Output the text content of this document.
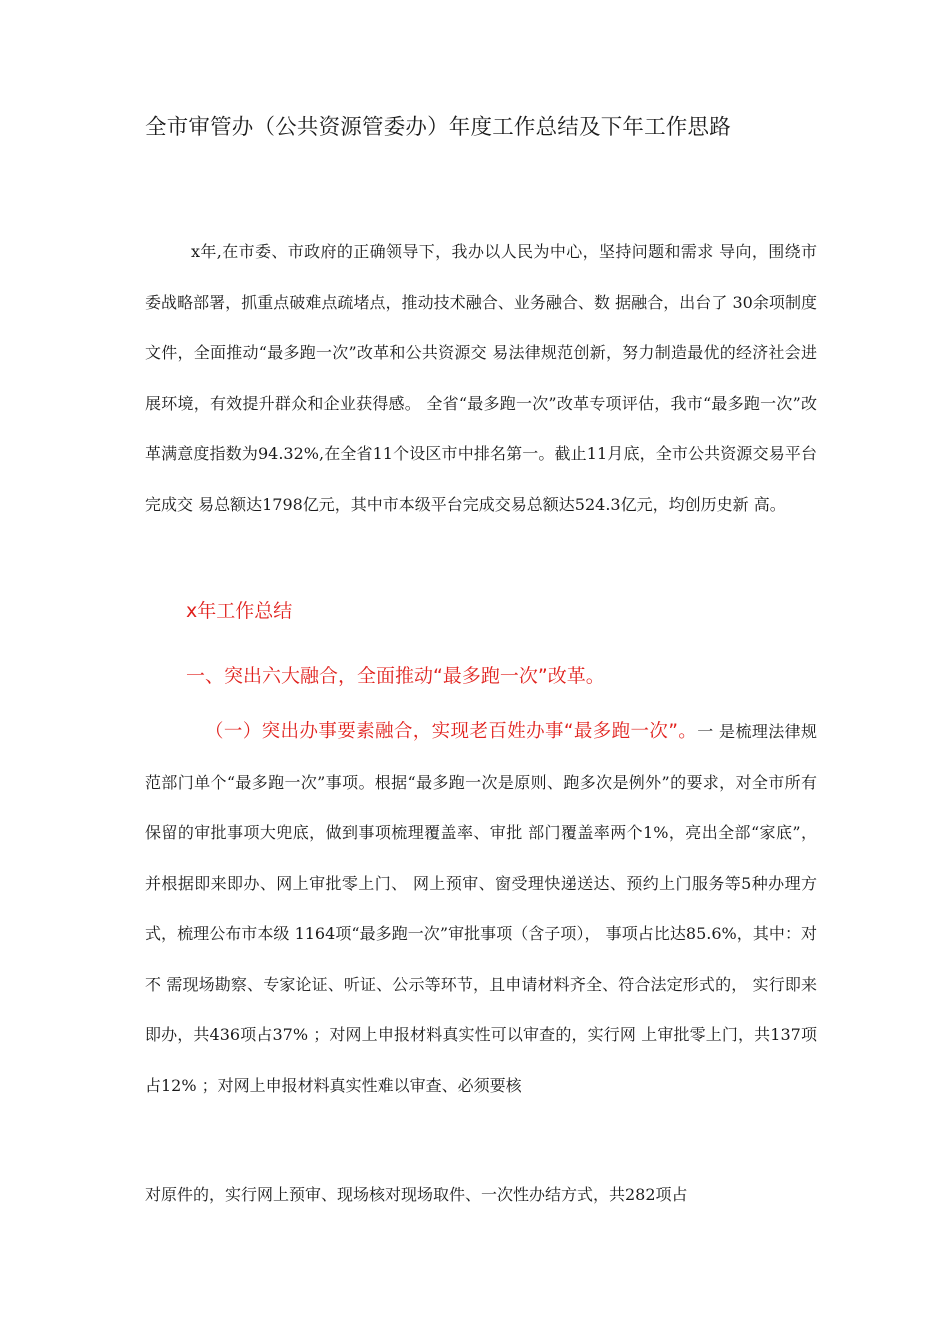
全市审管办（公共资源管委办）年度工作总结及下年工作思路

x年,在市委、市政府的正确领导下，我办以人民为中心，坚持问题和需求 导向，围绕市委战略部署，抓重点破难点疏堵点，推动技术融合、业务融合、数 据融合，出台了 30余项制度文件，全面推动“最多跑一次”改革和公共资源交 易法律规范创新，努力制造最优的经济社会进展环境，有效提升群众和企业获得感。 全省“最多跑一次”改革专项评估，我市“最多跑一次”改革满意度指数为94.32%,在全省11个设区市中排名第一。截止11月底，全市公共资源交易平台完成交 易总额达1798亿元，其中市本级平台完成交易总额达524.3亿元，均创历史新 高。

x年工作总结
一、突出六大融合，全面推动“最多跑一次”改革。

（一）突出办事要素融合，实现老百姓办事“最多跑一次”。一 是梳理法律规范部门单个“最多跑一次”事项。根据“最多跑一次是原则、跑多次是例外”的要求，对全市所有保留的审批事项大兜底，做到事项梳理覆盖率、审批 部门覆盖率两个1%，亮出全部“家底”， 并根据即来即办、网上审批零上门、 网上预审、窗受理快递送达、预约上门服务等5种办理方式，梳理公布市本级 1164项“最多跑一次”审批事项（含子项）， 事项占比达85.6%，其中：对不 需现场勘察、专家论证、听证、公示等环节，且申请材料齐全、符合法定形式的， 实行即来即办，共436项占37% ；对网上申报材料真实性可以审查的，实行网 上审批零上门，共137项占12% ；对网上申报材料真实性难以审查、必须要核

对原件的，实行网上预审、现场核对现场取件、一次性办结方式，共282项占
